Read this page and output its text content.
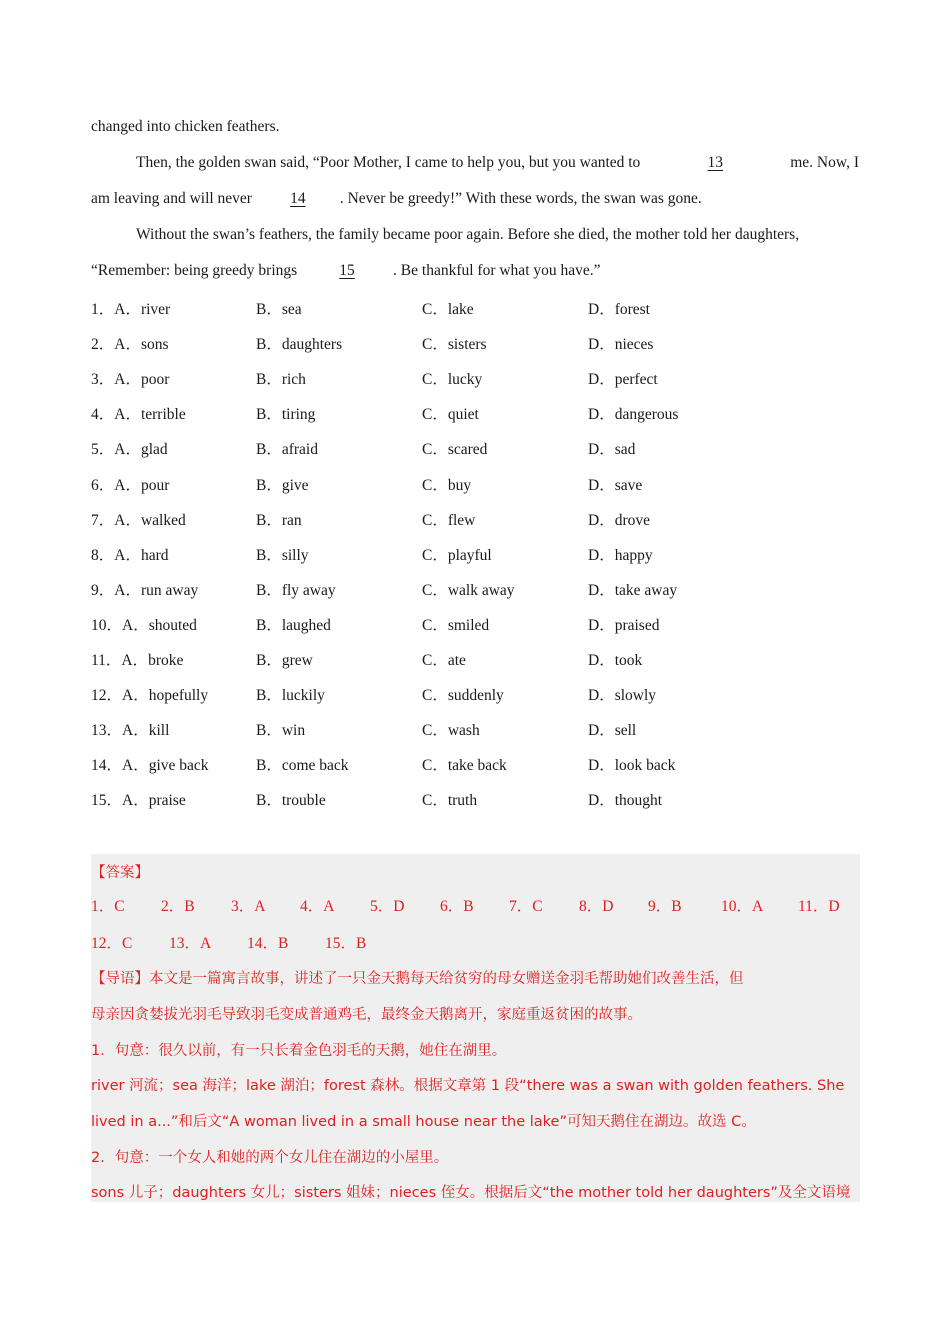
changed into chicken feathers.
Then, the golden swan said, “Poor Mother, I came to help you, but you wanted to	13	me. Now, I
am leaving and will never 14 . Never be greedy!” With these words, the swan was gone.
Without the swan’s feathers, the family became poor again. Before she died, the mother told her daughters,
“Remember: being greedy brings	15 . Be thankful for what you have.”
1．A．river	B．sea	C．lake	D．forest
2．A．sons	B．daughters	C．sisters	D．nieces
3．A．poor	B．rich	C．lucky	D．perfect
4．A．terrible	B．tiring	C．quiet	D．dangerous
5．A．glad	B．afraid	C．scared	D．sad
6．A．pour	B．give	C．buy	D．save
7．A．walked	B．ran	C．flew	D．drove
8．A．hard	B．silly	C．playful	D．happy
9．A．run away	B．fly away	C．walk away	D．take away
10．A．shouted	B．laughed	C．smiled	D．praised
11．A．broke	B．grew	C．ate	D．took
12．A．hopefully	B．luckily	C．suddenly	D．slowly
13．A．kill	B．win	C．wash	D．sell
14．A．give back	B．come back	C．take back	D．look back
15．A．praise	B．trouble	C．truth	D．thought
【答案】
1．C 2．B 3．A 4．A 5．D 6．B 7．C 8．D 9．B	10．A 11．D
12．C 13．A 14．B 15．B
【导语】本文是一篇寓言故事，讲述了一只金天鹅每天给贫穷的母女赠送金羽毛帮助她们改善生活，但
母亲因贪婪拔光羽毛导致羽毛变成普通鸡毛，最终金天鹅离开，家庭重返贫困的故事。
1．句意：很久以前，有一只长着金色羽毛的天鹅，她住在湖里。
river 河流；sea 海洋；lake 湖泊；forest 森林。根据文章第 1 段“there was a swan with golden feathers. She
lived in a...”和后文“A woman lived in a small house near the lake”可知天鹅住在湖边。故选 C。
2．句意：一个女人和她的两个女儿住在湖边的小屋里。
sons 儿子；daughters 女儿；sisters 姐妹；nieces 侄女。根据后文“the mother told her daughters”及全文语境
